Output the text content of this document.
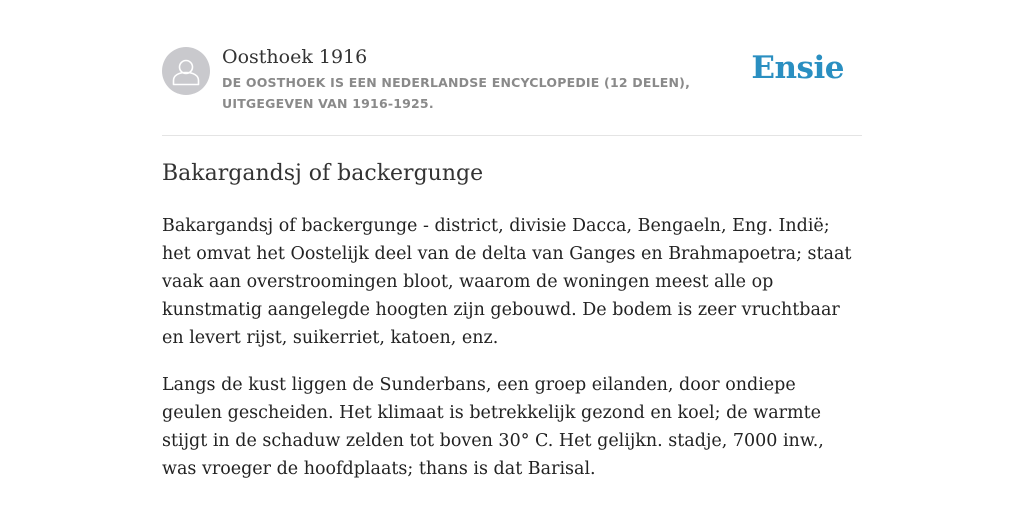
Oosthoek 1916

DE OOSTHOEK IS EEN NEDERLANDSE ENCYCLOPEDIE (12 DELEN), UITGEGEVEN VAN 1916-1925.

Ensie
Bakargandsj of backergunge

Bakargandsj of backergunge - district, divisie Dacca, Bengaeln, Eng. Indië; het omvat het Oostelijk deel van de delta van Ganges en Brahmapoetra; staat vaak aan overstroomingen bloot, waarom de woningen meest alle op kunstmatig aangelegde hoogten zijn gebouwd. De bodem is zeer vruchtbaar en levert rijst, suikerriet, katoen, enz.

Langs de kust liggen de Sunderbans, een groep eilanden, door ondiepe geulen gescheiden. Het klimaat is betrekkelijk gezond en koel; de warmte stijgt in de schaduw zelden tot boven 30° C. Het gelijkn. stadje, 7000 inw., was vroeger de hoofdplaats; thans is dat Barisal.
